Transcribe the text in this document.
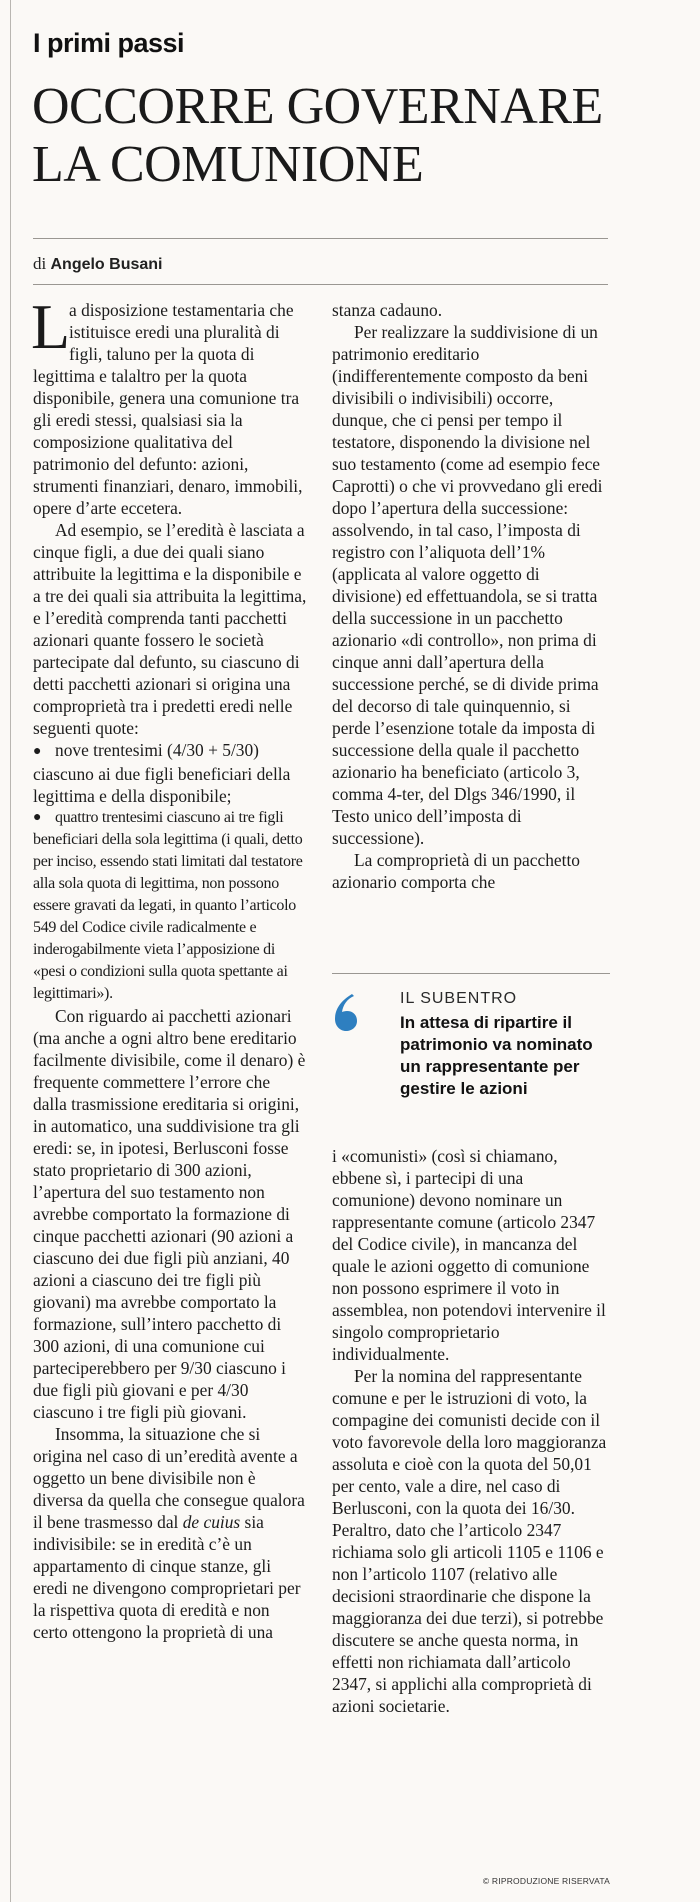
I primi passi
OCCORRE GOVERNARE
LA COMUNIONE
di Angelo Busani

L
a disposizione testamentaria che istituisce eredi una pluralità di figli, taluno per la quota di legittima e talaltro per la quota disponibile, genera una comunione tra gli eredi stessi, qualsiasi sia la composizione qualitativa del patrimonio del defunto: azioni, strumenti finanziari, denaro, immobili, opere d’arte eccetera.

Ad esempio, se l’eredità è lasciata a cinque figli, a due dei quali siano attribuite la legittima e la disponibile e a tre dei quali sia attribuita la legittima, e l’eredità comprenda tanti pacchetti azionari quante fossero le società partecipate dal defunto, su ciascuno di detti pacchetti azionari si origina una comproprietà tra i predetti eredi nelle seguenti quote:

● nove trentesimi (4/30 + 5/30) ciascuno ai due figli beneficiari della legittima e della disponibile;

● quattro trentesimi ciascuno ai tre figli beneficiari della sola legittima (i quali, detto per inciso, essendo stati limitati dal testatore alla sola quota di legittima, non possono essere gravati da legati, in quanto l’articolo 549 del Codice civile radicalmente e inderogabilmente vieta l’apposizione di «pesi o condizioni sulla quota spettante ai legittimari»).

Con riguardo ai pacchetti azionari (ma anche a ogni altro bene ereditario facilmente divisibile, come il denaro) è frequente commettere l’errore che dalla trasmissione ereditaria si origini, in automatico, una suddivisione tra gli eredi: se, in ipotesi, Berlusconi fosse stato proprietario di 300 azioni, l’apertura del suo testamento non avrebbe comportato la formazione di cinque pacchetti azionari (90 azioni a ciascuno dei due figli più anziani, 40 azioni a ciascuno dei tre figli più giovani) ma avrebbe comportato la formazione, sull’intero pacchetto di 300 azioni, di una comunione cui parteciperebbero per 9/30 ciascuno i due figli più giovani e per 4/30 ciascuno i tre figli più giovani.

Insomma, la situazione che si origina nel caso di un’eredità avente a oggetto un bene divisibile non è diversa da quella che consegue qualora il bene trasmesso dal de cuius sia indivisibile: se in eredità c’è un appartamento di cinque stanze, gli eredi ne divengono comproprietari per la rispettiva quota di eredità e non certo ottengono la proprietà di una

stanza cadauno.

Per realizzare la suddivisione di un patrimonio ereditario (indifferentemente composto da beni divisibili o indivisibili) occorre, dunque, che ci pensi per tempo il testatore, disponendo la divisione nel suo testamento (come ad esempio fece Caprotti) o che vi provvedano gli eredi dopo l’apertura della successione: assolvendo, in tal caso, l’imposta di registro con l’aliquota dell’1% (applicata al valore oggetto di divisione) ed effettuandola, se si tratta della successione in un pacchetto azionario «di controllo», non prima di cinque anni dall’apertura della successione perché, se di divide prima del decorso di tale quinquennio, si perde l’esenzione totale da imposta di successione della quale il pacchetto azionario ha beneficiato (articolo 3, comma 4-ter, del Dlgs 346/1990, il Testo unico dell’imposta di successione).

La comproprietà di un pacchetto azionario comporta che

IL SUBENTRO
In attesa di ripartire il patrimonio va nominato un rappresentante per gestire le azioni

i «comunisti» (così si chiamano, ebbene sì, i partecipi di una comunione) devono nominare un rappresentante comune (articolo 2347 del Codice civile), in mancanza del quale le azioni oggetto di comunione non possono esprimere il voto in assemblea, non potendovi intervenire il singolo comproprietario individualmente.

Per la nomina del rappresentante comune e per le istruzioni di voto, la compagine dei comunisti decide con il voto favorevole della loro maggioranza assoluta e cioè con la quota del 50,01 per cento, vale a dire, nel caso di Berlusconi, con la quota dei 16/30. Peraltro, dato che l’articolo 2347 richiama solo gli articoli 1105 e 1106 e non l’articolo 1107 (relativo alle decisioni straordinarie che dispone la maggioranza dei due terzi), si potrebbe discutere se anche questa norma, in effetti non richiamata dall’articolo 2347, si applichi alla comproprietà di azioni societarie.

© RIPRODUZIONE RISERVATA
